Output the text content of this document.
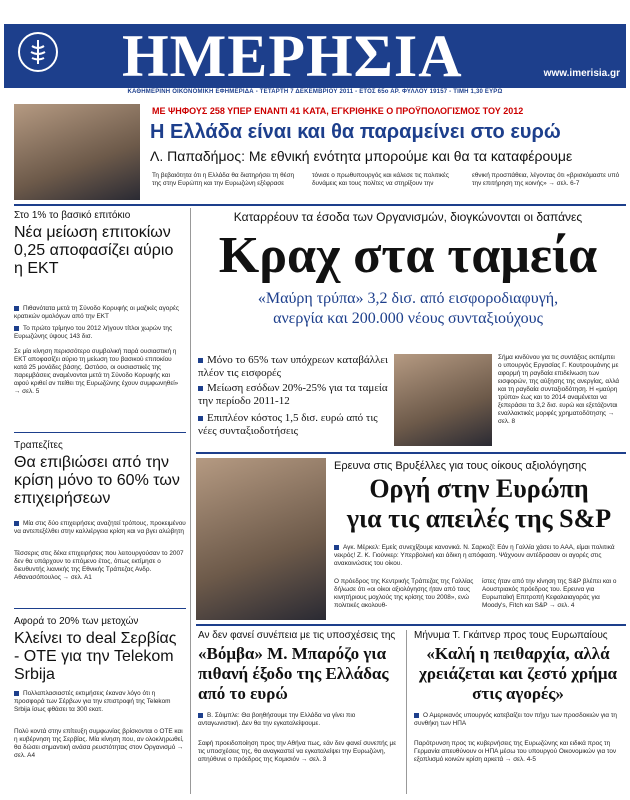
ΗΜΕΡΗΣΙΑ	www.imerisia.gr
ΚΑΘΗΜΕΡΙΝΗ ΟΙΚΟΝΟΜΙΚΗ ΕΦΗΜΕΡΙΔΑ - ΤΕΤΑΡΤΗ 7 ΔΕΚΕΜΒΡΙΟΥ 2011 - ΕΤΟΣ 65ο ΑΡ. ΦΥΛΛΟΥ 19157 - ΤΙΜΗ 1,30 ΕΥΡΩ
ΜΕ ΨΗΦΟΥΣ 258 ΥΠΕΡ ΕΝΑΝΤΙ 41 ΚΑΤΑ, ΕΓΚΡΙΘΗΚΕ Ο ΠΡΟΫΠΟΛΟΓΙΣΜΟΣ ΤΟΥ 2012
Η Ελλάδα είναι και θα παραμείνει στο ευρώ
Λ. Παπαδήμος: Με εθνική ενότητα μπορούμε και θα τα καταφέρουμε
Τη βεβαιότητα ότι η Ελλάδα θα διατηρήσει τη θέση της στην Ευρώπη και την Ευρωζώνη εξέφρασε
τόνισε ο πρωθυπουργός και κάλεσε τις πολιτικές δυνάμεις και τους πολίτες να στηρίξουν την
εθνική προσπάθεια, λέγοντας ότι «βρισκόμαστε υπό την επιτήρηση της κοινής» → σελ. 6-7
Στο 1% το βασικό επιτόκιο
Νέα μείωση επιτοκίων 0,25 αποφασίζει αύριο η ΕΚΤ
Πιθανότατα μετά τη Σύνοδο Κορυφής οι μαζικές αγορές κρατικών ομολόγων από την ΕΚΤ
Το πρώτο τρίμηνο του 2012 λήγουν τίτλοι χωρών της Ευρωζώνης ύψους 143 δισ.
Σε μία κίνηση περισσότερο συμβολική παρά ουσιαστική η ΕΚΤ αποφασίζει αύριο τη μείωση του βασικού επιτοκίου κατά 25 μονάδες βάσης. Ωστόσο, οι ουσιαστικές της παρεμβάσεις αναμένονται μετά τη Σύνοδο Κορυφής και αφού κριθεί αν πείθει της Ευρωζώνης έχουν συμφωνηθεί» → σελ. 5
Τραπεζίτες
Θα επιβιώσει από την κρίση μόνο το 60% των επιχειρήσεων
Μία στις δύο επιχειρήσεις αναζητεί τρόπους, προκειμένου να αντεπεξέλθει στην καλλιέργεια κρίση και να βγει αλώβητη
Τέσσερις στις δέκα επιχειρήσεις που λειτουργούσαν το 2007 δεν θα υπάρχουν το επόμενο έτος, όπως εκτίμησε ο διευθυντής λιανικής της Εθνικής Τράπεζας Ανδρ. Αθανασόπουλος → σελ. Α1
Αφορά το 20% των μετοχών
Κλείνει το deal Σερβίας - ΟΤΕ για την Telekom Srbija
Πολλαπλασιαστές εκτιμήσεις έκαναν λόγο ότι η προσφορά των Σέρβων για την επιστροφή της Telekom Srbija ίσως φθάσει τα 300 εκατ.
Πολύ κοντά στην επίτευξη συμφωνίας βρίσκονται ο ΟΤΕ και η κυβέρνηση της Σερβίας. Μία κίνηση που, αν ολοκληρωθεί, θα δώσει σημαντική ανάσα ρευστότητας στον Οργανισμό → σελ. Α4
Καταρρέουν τα έσοδα των Οργανισμών, διογκώνονται οι δαπάνες
Κραχ στα ταμεία
«Μαύρη τρύπα» 3,2 δισ. από εισφοροδιαφυγή,
ανεργία και 200.000 νέους συνταξιούχους
Μόνο το 65% των υπόχρεων καταβάλλει πλέον τις εισφορές
Μείωση εσόδων 20%-25% για τα ταμεία την περίοδο 2011-12
Επιπλέον κόστος 1,5 δισ. ευρώ από τις νέες συνταξιοδοτήσεις
Σήμα κινδύνου για τις συντάξεις εκπέμπει ο υπουργός Εργασίας Γ. Κουτρουμάνης με αφορμή τη ραγδαία επιδείνωση των εισφορών, της αύξησης της ανεργίας, αλλά και τη ραγδαία συνταξιοδότηση. Η «μαύρη τρύπα» έως και το 2014 αναμένεται να ξεπεράσει τα 3,2 δισ. ευρώ και εξετάζονται εναλλακτικές μορφές χρηματοδότησης → σελ. 8
Ερευνα στις Βρυξέλλες για τους οίκους αξιολόγησης
Οργή στην Ευρώπη
για τις απειλές της S&P
Αγκ. Μέρκελ: Εμείς συνεχίζουμε κανονικά. Ν. Σαρκοζί: Εάν η Γαλλία χάσει το ΑΑΑ, είμαι πολιτικά νεκρός! Ζ. Κ. Γιούνκερ: Υπερβολική και άδικη η απόφαση. Ψάχνουν αντέδρασαν οι αγορές στις ανακοινώσεις του οίκου.
Ο πρόεδρος της Κεντρικής Τράπεζας της Γαλλίας δήλωσε ότι «οι οίκοι αξιολόγησης ήταν από τους κινητήριους μοχλούς της κρίσης του 2008», ενώ πολιτικές ακολουθ-
ίστες ήταν από την κίνηση της S&P βλέπει και ο Αουστριακός πρόεδρος του. Ερευνα για Ευρωπαϊκή Επιτροπή Κεφαλαιαγοράς για Moody's, Fitch και S&P → σελ. 4
Αν δεν φανεί συνέπεια με τις υποσχέσεις της
«Βόμβα» Μ. Μπαρόζο για πιθανή έξοδο της Ελλάδας από το ευρώ
Β. Σόιμπλε: Θα βοηθήσουμε την Ελλάδα να γίνει πιο ανταγωνιστική. Δεν θα την εγκαταλείψουμε.
Σαφή προειδοποίηση προς την Αθήνα πως, εάν δεν φανεί συνεπής με τις υποσχέσεις της, θα αναγκαστεί να εγκαταλείψει την Ευρωζώνη, απηύθυνε ο πρόεδρος της Κομισιόν → σελ. 3
Μήνυμα Τ. Γκάιτνερ προς τους Ευρωπαίους
«Καλή η πειθαρχία, αλλά χρειάζεται και ζεστό χρήμα στις αγορές»
Ο Αμερικανός υπουργός κατεβαίζει τον πήχυ των προσδοκιών για τη συνθήκη των ΗΠΑ
Παρότρυνση προς τις κυβερνήσεις της Ευρωζώνης και ειδικά προς τη Γερμανία απευθύνουν οι ΗΠΑ μέσω του υπουργού Οικονομικών για τον εξοπλισμό κοινών κρίση αρκετά → σελ. 4-5
